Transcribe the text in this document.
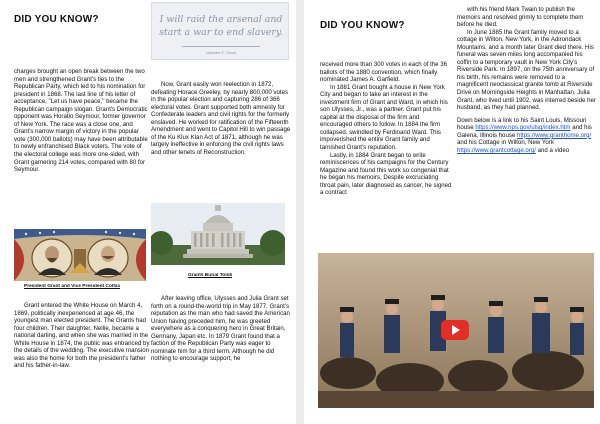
DID YOU KNOW?

charges brought an open break between the two men and strengthened Grant's ties to the Republican Party, which led to his nomination for president in 1868. The last line of his letter of acceptance, "Let us have peace," became the Republican campaign slogan. Grant's Democratic opponent was Horatio Seymour, former governor of New York. The race was a close one, and Grant's narrow margin of victory in the popular vote (300,000 ballots) may have been attributable to newly enfranchised Black voters. The vote of the electoral college was more one-sided, with Grant garnering 214 votes, compared with 80 for Seymour.

I will raid the arsenal and start a war to end slavery.
Ulysses S. Grant

Now, Grant easily won reelection in 1872, defeating Horace Greeley, by nearly 800,000 votes in the popular election and capturing 286 of 366 electoral votes. Grant supported both amnesty for Confederate leaders and civil rights for the formerly enslaved. He worked for ratification of the Fifteenth Amendment and went to Capitol Hill to win passage of the Ku Klux Klan Act of 1871, although he was largely ineffective in enforcing the civil rights laws and other tenets of Reconstruction.

President Grant and Vice President Colfax
Grants Burial Tomb

Grant entered the White House on March 4, 1869, politically inexperienced at age 46, the youngest man elected president. The Grants had four children. Their daughter, Nellie, became a national darling, and when she was married in the White House in 1874, the public was entranced by the details of the wedding. The executive mansion was also the home for both the president's father and his father-in-law.

After leaving office, Ulysses and Julia Grant set forth on a round-the-world trip in May 1877. Grant's reputation as the man who had saved the American Union having preceded him, he was greeted everywhere as a conquering hero in Great Britain, Germany, Japan etc. In 1879 Grant found that a faction of the Republican Party was eager to nominate him for a third term. Although he did nothing to encourage support, he

DID YOU KNOW?

received more than 300 votes in each of the 36 ballots of the 1880 convention, which finally nominated James A. Garfield.

In 1881 Grant bought a house in New York City and began to take an interest in the investment firm of Grant and Ward, in which his son Ulysses, Jr., was a partner. Grant put his capital at the disposal of the firm and encouraged others to follow. In 1884 the firm collapsed, swindled by Ferdinand Ward. This impoverished the entire Grant family and tarnished Grant's reputation.

Lastly, in 1884 Grant began to write reminiscences of his campaigns for the Century Magazine and found this work so congenial that he began his memoirs. Despite excruciating throat pain, later diagnosed as cancer, he signed a contract

with his friend Mark Twain to publish the memoirs and resolved grimly to complete them before he died.

In June 1885 the Grant family moved to a cottage in Wilton, New York, in the Adirondack Mountains, and a month later Grant died there. His funeral was seven miles long accompanied his coffin to a temporary vault in New York City's Riverside Park. In 1897, on the 75th anniversary of his birth, his remains were removed to a magnificent neoclassical granite tomb at Riverside Drive on Morningside Heights in Manhattan. Julia Grant, who lived until 1902, was interred beside her husband, as they had planned.

Down below is a link to his Saint Louis, Missouri house https://www.nps.gov/ulsg/index.htm and his Galena, Illinois house https://www.granthome.org/ and his Cottage in Wilton, New York https://www.grantcottage.org/ and a video
